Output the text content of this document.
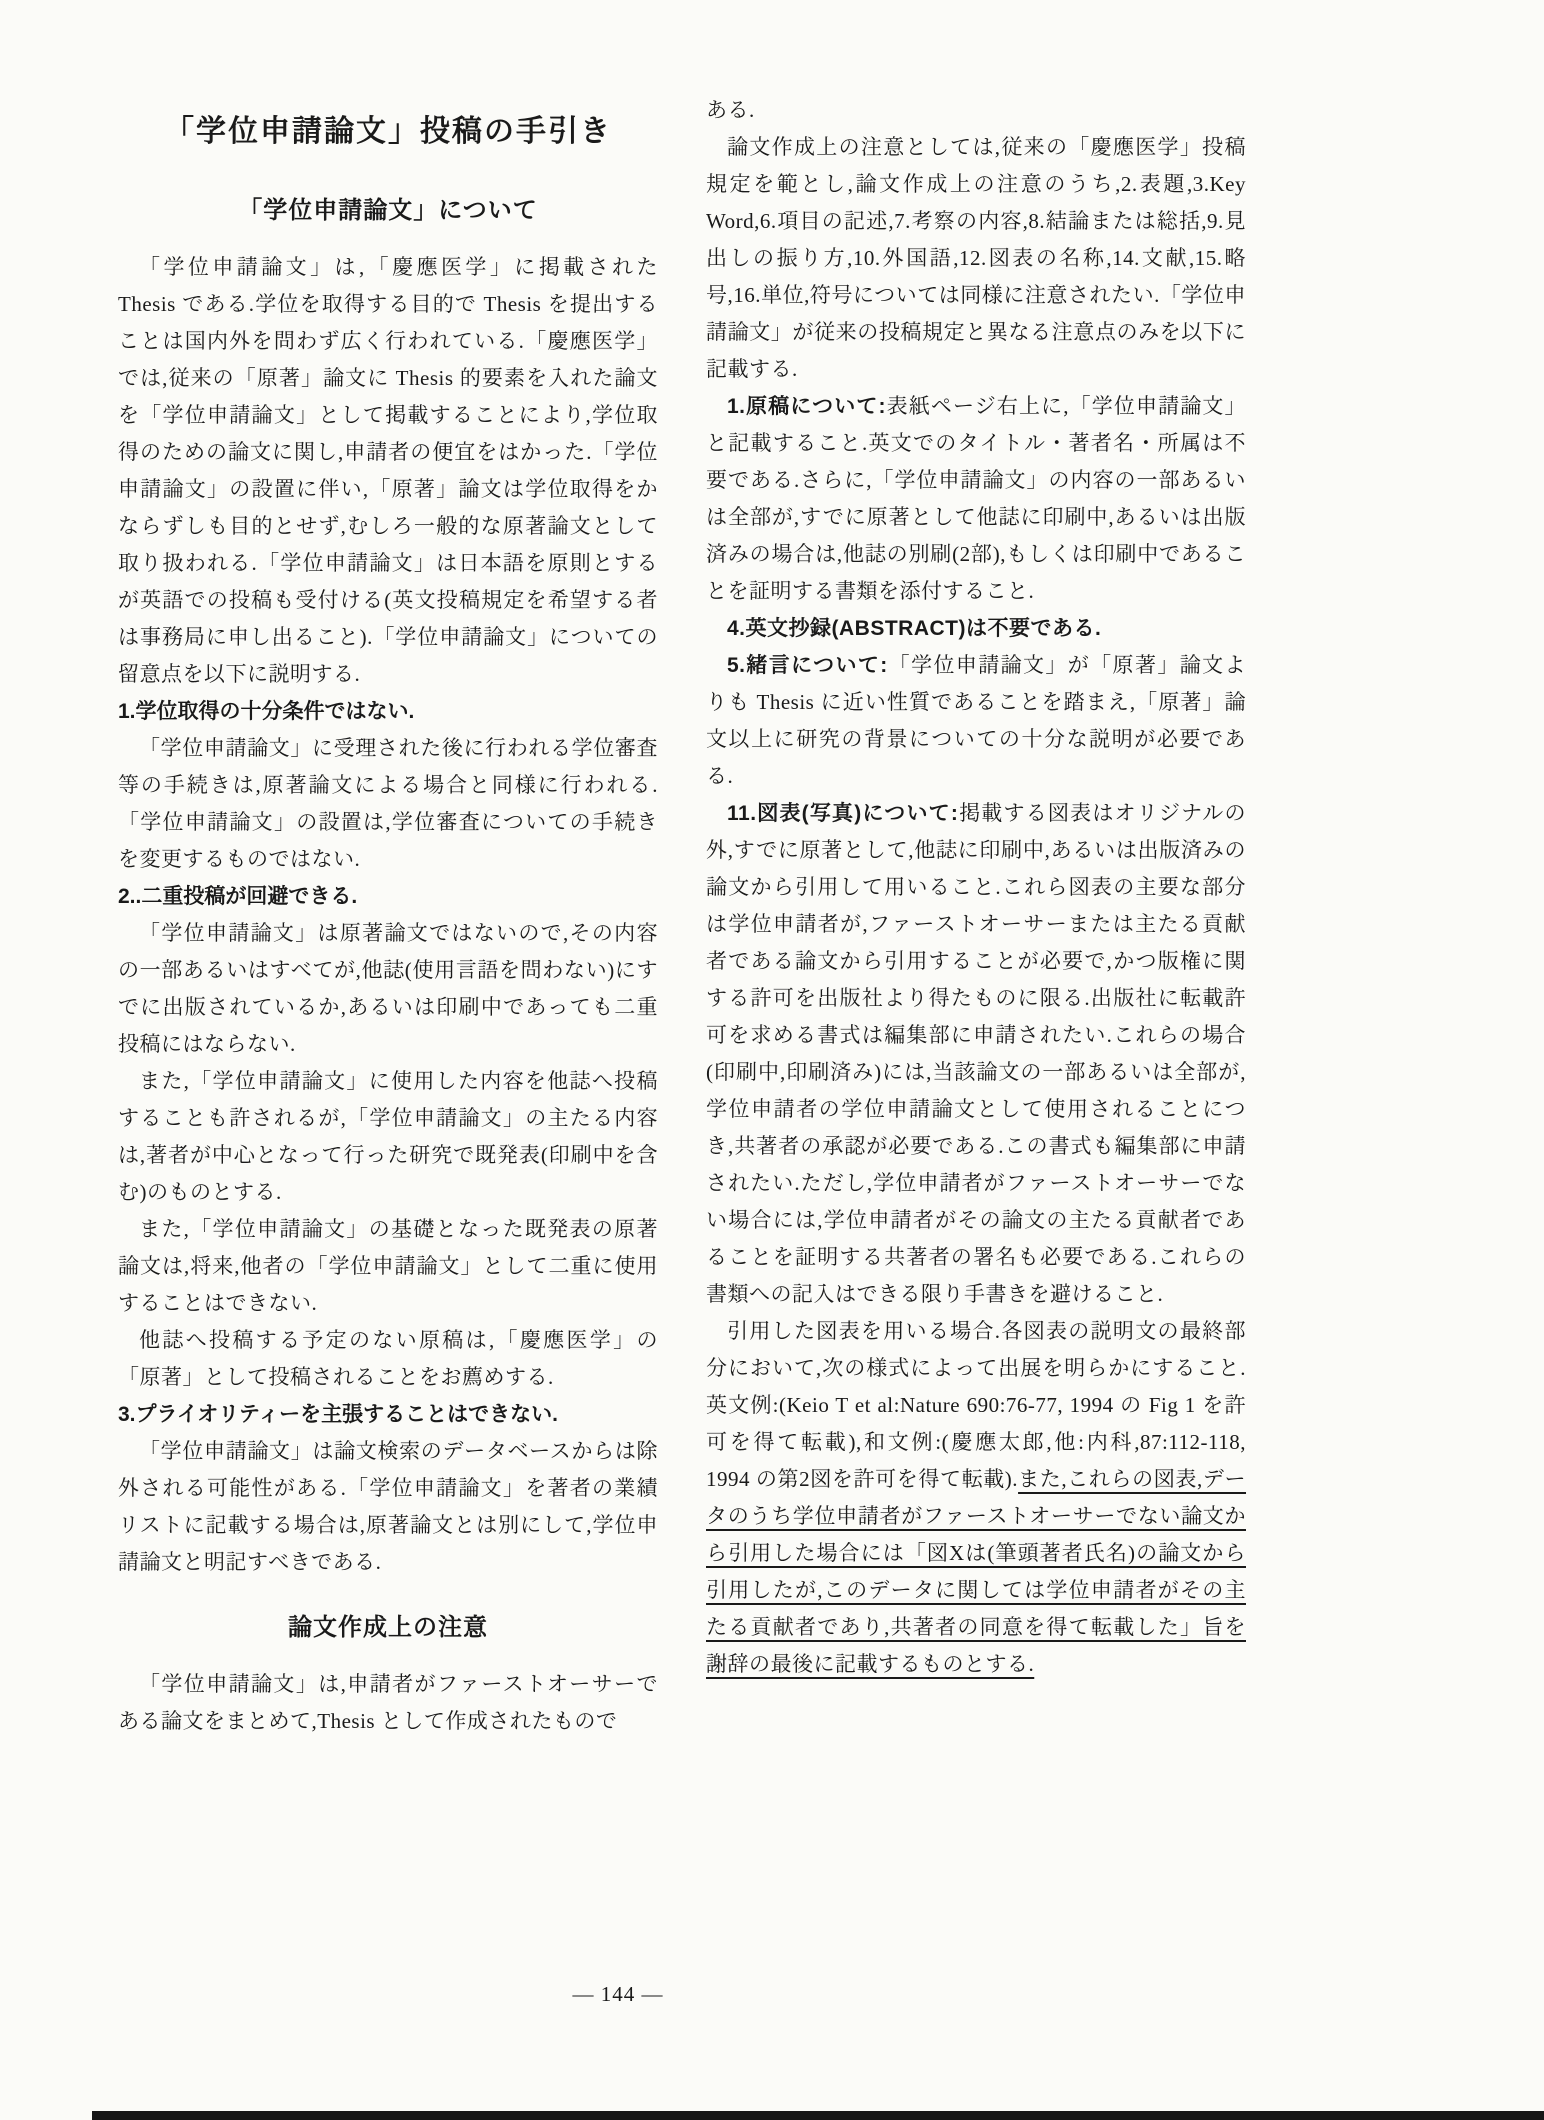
「学位申請論文」投稿の手引き
「学位申請論文」について

「学位申請論文」は,「慶應医学」に掲載された Thesis である.学位を取得する目的で Thesis を提出することは国内外を問わず広く行われている.「慶應医学」では,従来の「原著」論文に Thesis 的要素を入れた論文を「学位申請論文」として掲載することにより,学位取得のための論文に関し,申請者の便宜をはかった.「学位申請論文」の設置に伴い,「原著」論文は学位取得をかならずしも目的とせず,むしろ一般的な原著論文として取り扱われる.「学位申請論文」は日本語を原則とするが英語での投稿も受付ける(英文投稿規定を希望する者は事務局に申し出ること).「学位申請論文」についての留意点を以下に説明する.

1.学位取得の十分条件ではない.

「学位申請論文」に受理された後に行われる学位審査等の手続きは,原著論文による場合と同様に行われる.「学位申請論文」の設置は,学位審査についての手続きを変更するものではない.

2..二重投稿が回避できる.

「学位申請論文」は原著論文ではないので,その内容の一部あるいはすべてが,他誌(使用言語を問わない)にすでに出版されているか,あるいは印刷中であっても二重投稿にはならない.

また,「学位申請論文」に使用した内容を他誌へ投稿することも許されるが,「学位申請論文」の主たる内容は,著者が中心となって行った研究で既発表(印刷中を含む)のものとする.

また,「学位申請論文」の基礎となった既発表の原著論文は,将来,他者の「学位申請論文」として二重に使用することはできない.

他誌へ投稿する予定のない原稿は,「慶應医学」の「原著」として投稿されることをお薦めする.

3.プライオリティーを主張することはできない.

「学位申請論文」は論文検索のデータベースからは除外される可能性がある.「学位申請論文」を著者の業績リストに記載する場合は,原著論文とは別にして,学位申請論文と明記すべきである.

論文作成上の注意

「学位申請論文」は,申請者がファーストオーサーである論文をまとめて,Thesis として作成されたもので

ある.

論文作成上の注意としては,従来の「慶應医学」投稿規定を範とし,論文作成上の注意のうち,2.表題,3.Key Word,6.項目の記述,7.考察の内容,8.結論または総括,9.見出しの振り方,10.外国語,12.図表の名称,14.文献,15.略号,16.単位,符号については同様に注意されたい.「学位申請論文」が従来の投稿規定と異なる注意点のみを以下に記載する.

1.原稿について:表紙ページ右上に,「学位申請論文」と記載すること.英文でのタイトル・著者名・所属は不要である.さらに,「学位申請論文」の内容の一部あるいは全部が,すでに原著として他誌に印刷中,あるいは出版済みの場合は,他誌の別刷(2部),もしくは印刷中であることを証明する書類を添付すること.

4.英文抄録(ABSTRACT)は不要である.

5.緒言について:「学位申請論文」が「原著」論文よりも Thesis に近い性質であることを踏まえ,「原著」論文以上に研究の背景についての十分な説明が必要である.

11.図表(写真)について:掲載する図表はオリジナルの外,すでに原著として,他誌に印刷中,あるいは出版済みの論文から引用して用いること.これら図表の主要な部分は学位申請者が,ファーストオーサーまたは主たる貢献者である論文から引用することが必要で,かつ版権に関する許可を出版社より得たものに限る.出版社に転載許可を求める書式は編集部に申請されたい.これらの場合(印刷中,印刷済み)には,当該論文の一部あるいは全部が,学位申請者の学位申請論文として使用されることにつき,共著者の承認が必要である.この書式も編集部に申請されたい.ただし,学位申請者がファーストオーサーでない場合には,学位申請者がその論文の主たる貢献者であることを証明する共著者の署名も必要である.これらの書類への記入はできる限り手書きを避けること.

引用した図表を用いる場合.各図表の説明文の最終部分において,次の様式によって出展を明らかにすること.英文例:(Keio T et al:Nature 690:76-77, 1994 の Fig 1 を許可を得て転載),和文例:(慶應太郎,他:内科,87:112-118, 1994 の第2図を許可を得て転載).また,これらの図表,データのうち学位申請者がファーストオーサーでない論文から引用した場合には「図Xは(筆頭著者氏名)の論文から引用したが,このデータに関しては学位申請者がその主たる貢献者であり,共著者の同意を得て転載した」旨を謝辞の最後に記載するものとする.

— 144 —
